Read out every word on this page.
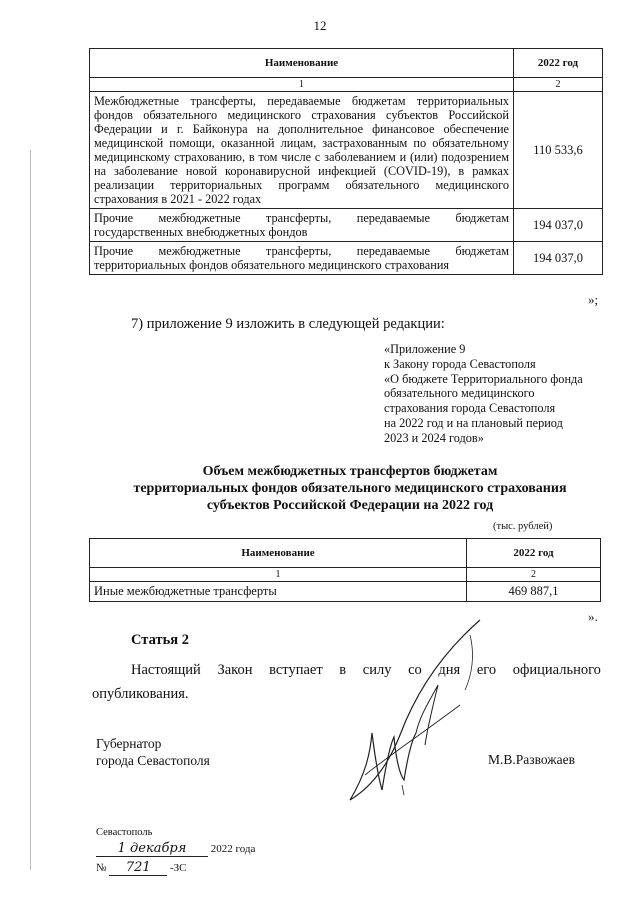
12
Наименование	2022 год
1	2
Межбюджетные трансферты, передаваемые бюджетам территориальных фондов обязательного медицинского страхования субъектов Российской Федерации и г. Байконура на дополнительное финансовое обеспечение медицинской помощи, оказанной лицам, застрахованным по обязательному медицинскому страхованию, в том числе с заболеванием и (или) подозрением на заболевание новой коронавирусной инфекцией (COVID-19), в рамках реализации территориальных программ обязательного медицинского страхования в 2021 - 2022 годах	110 533,6
Прочие межбюджетные трансферты, передаваемые бюджетам государственных внебюджетных фондов	194 037,0
Прочие межбюджетные трансферты, передаваемые бюджетам территориальных фондов обязательного медицинского страхования	194 037,0
»;
7) приложение 9 изложить в следующей редакции:
«Приложение 9
к Закону города Севастополя
«О бюджете Территориального фонда
обязательного медицинского
страхования города Севастополя
на 2022 год и на плановый период
2023 и 2024 годов»
Объем межбюджетных трансфертов бюджетам
территориальных фондов обязательного медицинского страхования
субъектов Российской Федерации на 2022 год
(тыс. рублей)
Наименование	2022 год
1	2
Иные межбюджетные трансферты	469 887,1
».
Статья 2
Настоящий Закон вступает в силу со дня его официального
опубликования.
Губернатор
города Севастополя	М.В.Развожаев
Севастополь
1 декабря 2022 года
№ 721 -ЗС
